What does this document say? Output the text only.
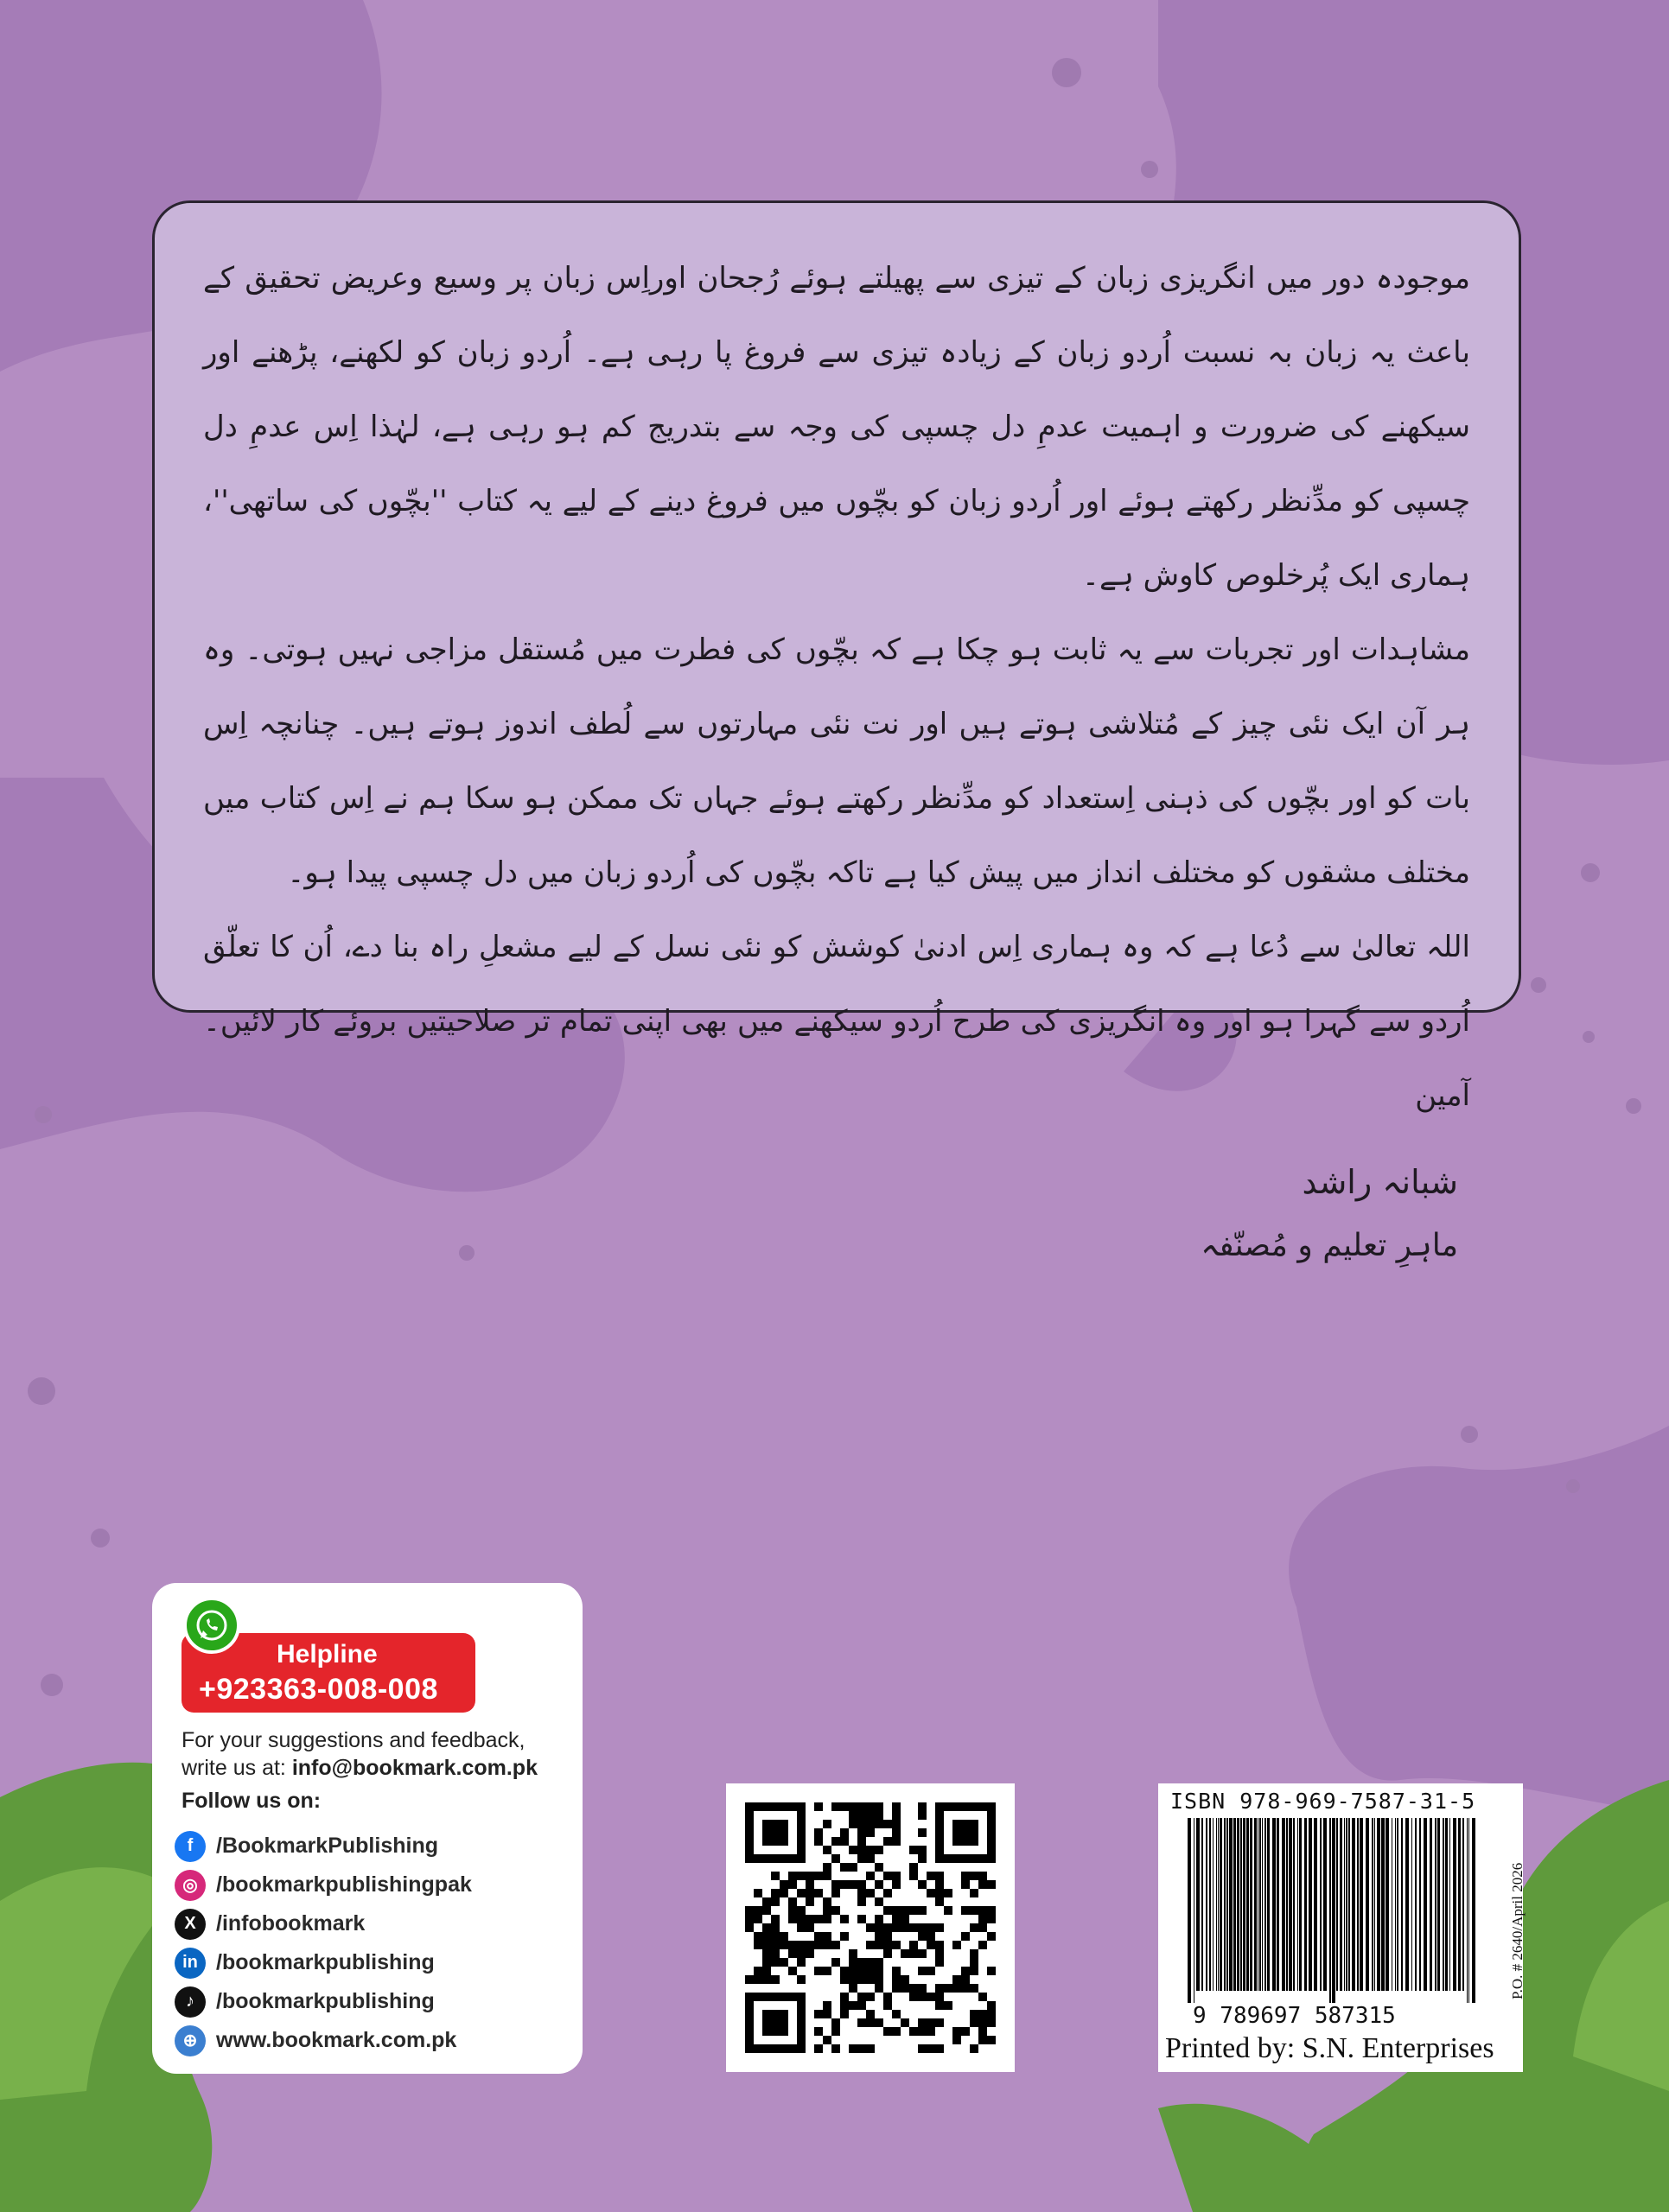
موجودہ دور میں انگریزی زبان کے تیزی سے پھیلتے ہوئے رُجحان اوراِس زبان پر وسیع وعریض تحقیق کے باعث یہ زبان بہ نسبت اُردو زبان کے زیادہ تیزی سے فروغ پا رہی ہے۔ اُردو زبان کو لکھنے، پڑھنے اور سیکھنے کی ضرورت و اہمیت عدمِ دل چسپی کی وجہ سے بتدریج کم ہو رہی ہے، لہٰذا اِس عدمِ دل چسپی کو مدِّنظر رکھتے ہوئے اور اُردو زبان کو بچّوں میں فروغ دینے کے لیے یہ کتاب ''بچّوں کی ساتھی''، ہماری ایک پُرخلوص کاوش ہے۔

مشاہدات اور تجربات سے یہ ثابت ہو چکا ہے کہ بچّوں کی فطرت میں مُستقل مزاجی نہیں ہوتی۔ وہ ہر آن ایک نئی چیز کے مُتلاشی ہوتے ہیں اور نت نئی مہارتوں سے لُطف اندوز ہوتے ہیں۔ چنانچہ اِس بات کو اور بچّوں کی ذہنی اِستعداد کو مدِّنظر رکھتے ہوئے جہاں تک ممکن ہو سکا ہم نے اِس کتاب میں مختلف مشقوں کو مختلف انداز میں پیش کیا ہے تاکہ بچّوں کی اُردو زبان میں دل چسپی پیدا ہو۔

اللہ تعالیٰ سے دُعا ہے کہ وہ ہماری اِس ادنیٰ کوشش کو نئی نسل کے لیے مشعلِ راہ بنا دے، اُن کا تعلّق اُردو سے گہرا ہو اور وہ انگریزی کی طرح اُردو سیکھنے میں بھی اپنی تمام تر صلاحیتیں بروئے کار لائیں۔ آمین

شبانہ راشد
ماہرِ تعلیم و مُصنّفہ
Helpline
+923363-008-008
For your suggestions and feedback,
write us at: info@bookmark.com.pk
Follow us on:
f	/BookmarkPublishing
◎ /bookmarkpublishingpak
X /infobookmark
in /bookmarkpublishing
♪	/bookmarkpublishing
⊕ www.bookmark.com.pk
ISBN 978-969-7587-31-5
9 789697 587315
P.O. # 2640/April 2026
Printed by: S.N. Enterprises
